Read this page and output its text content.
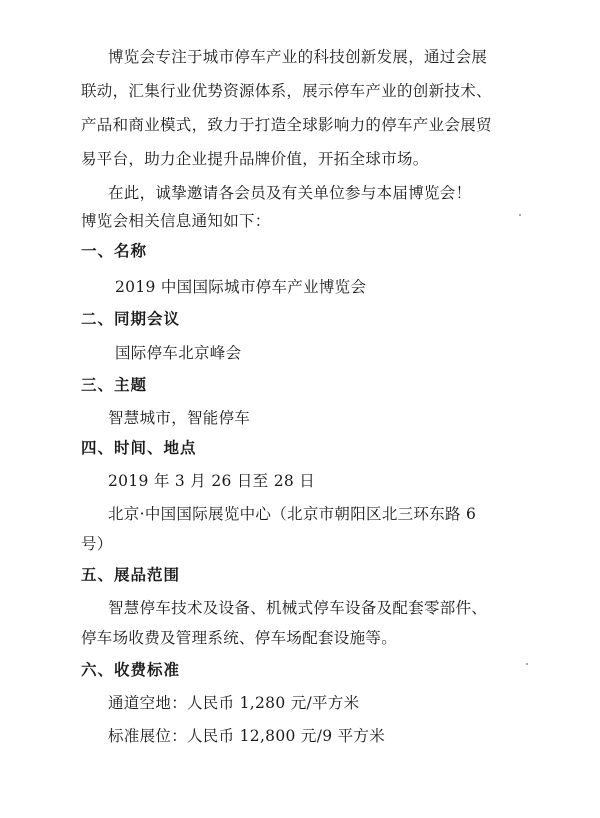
博览会专注于城市停车产业的科技创新发展，通过会展
联动，汇集行业优势资源体系，展示停车产业的创新技术、
产品和商业模式，致力于打造全球影响力的停车产业会展贸
易平台，助力企业提升品牌价值，开拓全球市场。
在此，诚挚邀请各会员及有关单位参与本届博览会！
博览会相关信息通知如下：
一、名称
2019 中国国际城市停车产业博览会
二、同期会议
国际停车北京峰会
三、主题
智慧城市，智能停车
四、时间、地点
2019 年 3 月 26 日至 28 日
北京·中国国际展览中心（北京市朝阳区北三环东路 6
号）
五、展品范围
智慧停车技术及设备、机械式停车设备及配套零部件、
停车场收费及管理系统、停车场配套设施等。
六、收费标准
通道空地：人民币 1,280 元/平方米
标准展位：人民币 12,800 元/9 平方米
